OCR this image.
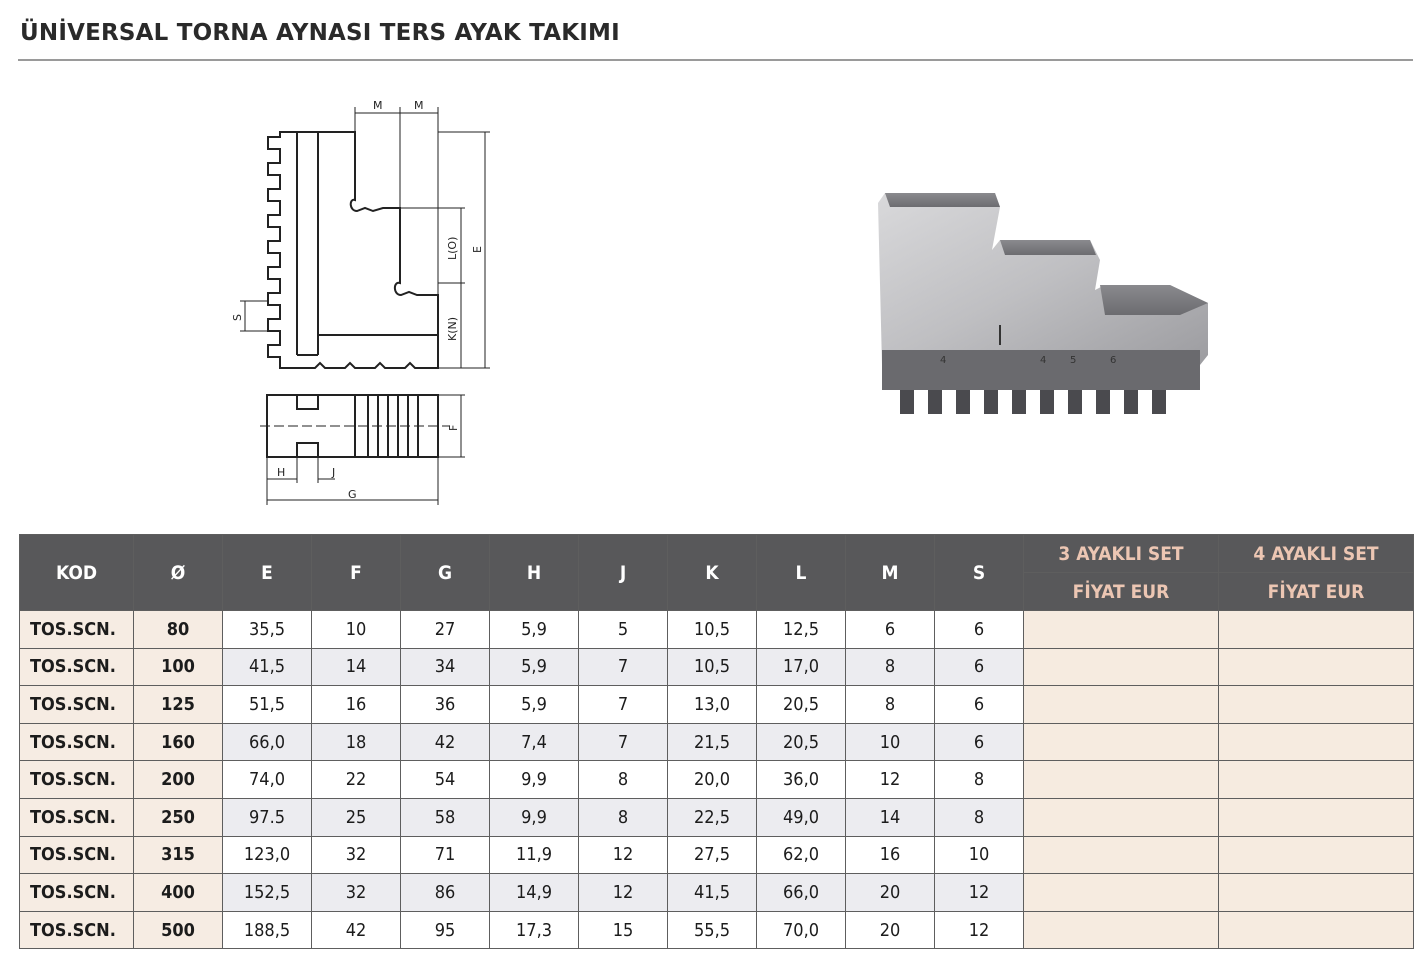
ÜNİVERSAL TORNA AYNASI TERS AYAK TAKIMI
M	M
L(O) E
K(N)
S
F
H	J
G
4	4 5	6
KOD	Ø	E	F	G	H	J	K	L	M	S	3 AYAKLI SET	4 AYAKLI SET
											FİYAT EUR	FİYAT EUR
TOS.SCN.	80	35,5	10	27	5,9	5	10,5	12,5	6	6		
TOS.SCN.	100	41,5	14	34	5,9	7	10,5	17,0	8	6		
TOS.SCN.	125	51,5	16	36	5,9	7	13,0	20,5	8	6		
TOS.SCN.	160	66,0	18	42	7,4	7	21,5	20,5	10	6		
TOS.SCN.	200	74,0	22	54	9,9	8	20,0	36,0	12	8		
TOS.SCN.	250	97.5	25	58	9,9	8	22,5	49,0	14	8		
TOS.SCN.	315	123,0	32	71	11,9	12	27,5	62,0	16	10		
TOS.SCN.	400	152,5	32	86	14,9	12	41,5	66,0	20	12		
TOS.SCN.	500	188,5	42	95	17,3	15	55,5	70,0	20	12		
